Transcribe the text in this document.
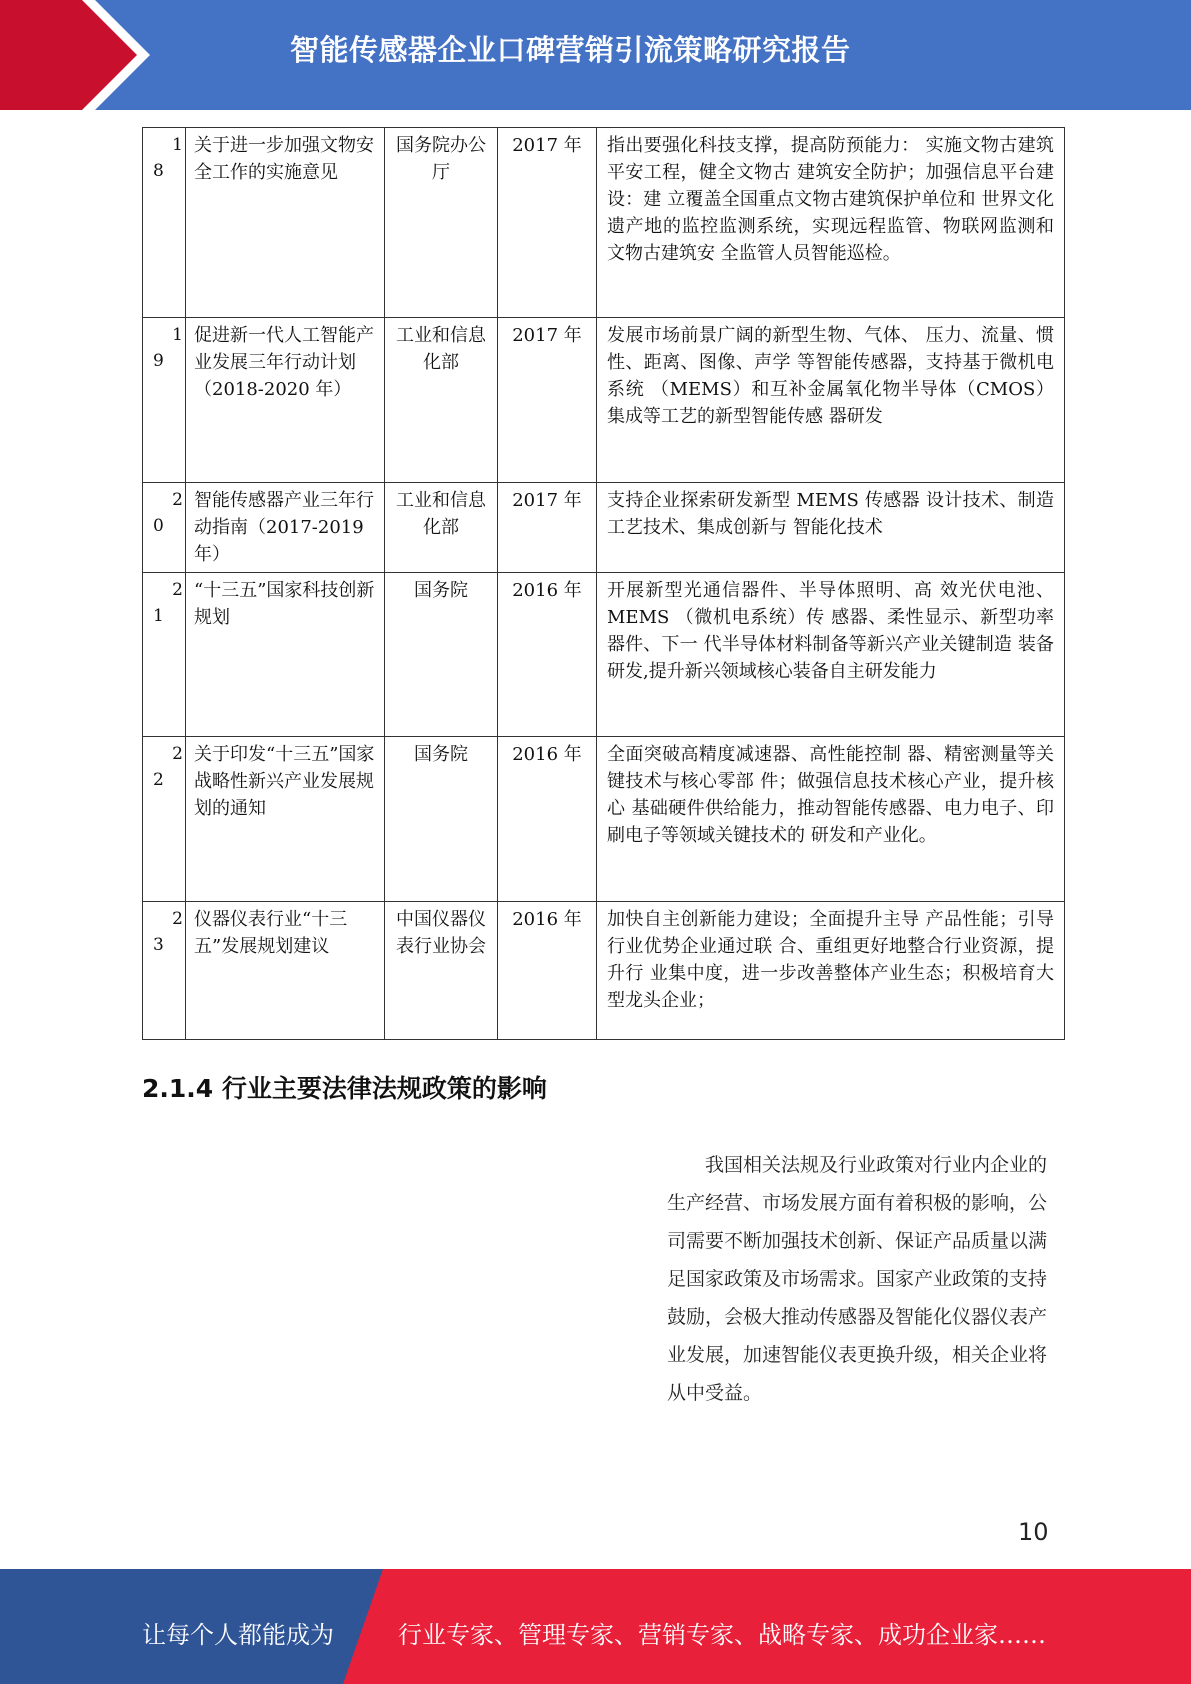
智能传感器企业口碑营销引流策略研究报告
1
8	关于进一步加强文物安全工作的实施意见	国务院办公厅	2017 年	指出要强化科技支撑，提高防预能力： 实施文物古建筑平安工程，健全文物古 建筑安全防护；加强信息平台建设：建 立覆盖全国重点文物古建筑保护单位和 世界文化遗产地的监控监测系统，实现远程监管、物联网监测和文物古建筑安 全监管人员智能巡检。

1
9	促进新一代人工智能产业发展三年行动计划（2018-2020 年）	工业和信息化部	2017 年	发展市场前景广阔的新型生物、气体、 压力、流量、惯性、距离、图像、声学 等智能传感器，支持基于微机电系统 （MEMS）和互补金属氧化物半导体（CMOS）集成等工艺的新型智能传感 器研发

2
0	智能传感器产业三年行动指南（2017-2019 年）	工业和信息化部	2017 年	支持企业探索研发新型 MEMS 传感器 设计技术、制造工艺技术、集成创新与 智能化技术

2
1	“十三五”国家科技创新规划	国务院	2016 年	开展新型光通信器件、半导体照明、高 效光伏电池、MEMS （微机电系统）传 感器、柔性显示、新型功率器件、下一 代半导体材料制备等新兴产业关键制造 装备研发,提升新兴领域核心装备自主研发能力

2
2	关于印发“十三五”国家战略性新兴产业发展规划的通知	国务院	2016 年	全面突破高精度减速器、高性能控制 器、精密测量等关键技术与核心零部 件；做强信息技术核心产业，提升核心 基础硬件供给能力，推动智能传感器、电力电子、印刷电子等领域关键技术的 研发和产业化。

2
3	仪器仪表行业“十三五”发展规划建议	中国仪器仪表行业协会	2016 年	加快自主创新能力建设；全面提升主导 产品性能；引导行业优势企业通过联 合、重组更好地整合行业资源，提升行 业集中度，进一步改善整体产业生态；积极培育大型龙头企业；
2.1.4 行业主要法律法规政策的影响
我国相关法规及行业政策对行业内企业的生产经营、市场发展方面有着积极的影响，公司需要不断加强技术创新、保证产品质量以满足国家政策及市场需求。国家产业政策的支持鼓励，会极大推动传感器及智能化仪器仪表产业发展，加速智能仪表更换升级，相关企业将从中受益。
10
让每个人都能成为	行业专家、管理专家、营销专家、战略专家、成功企业家……
